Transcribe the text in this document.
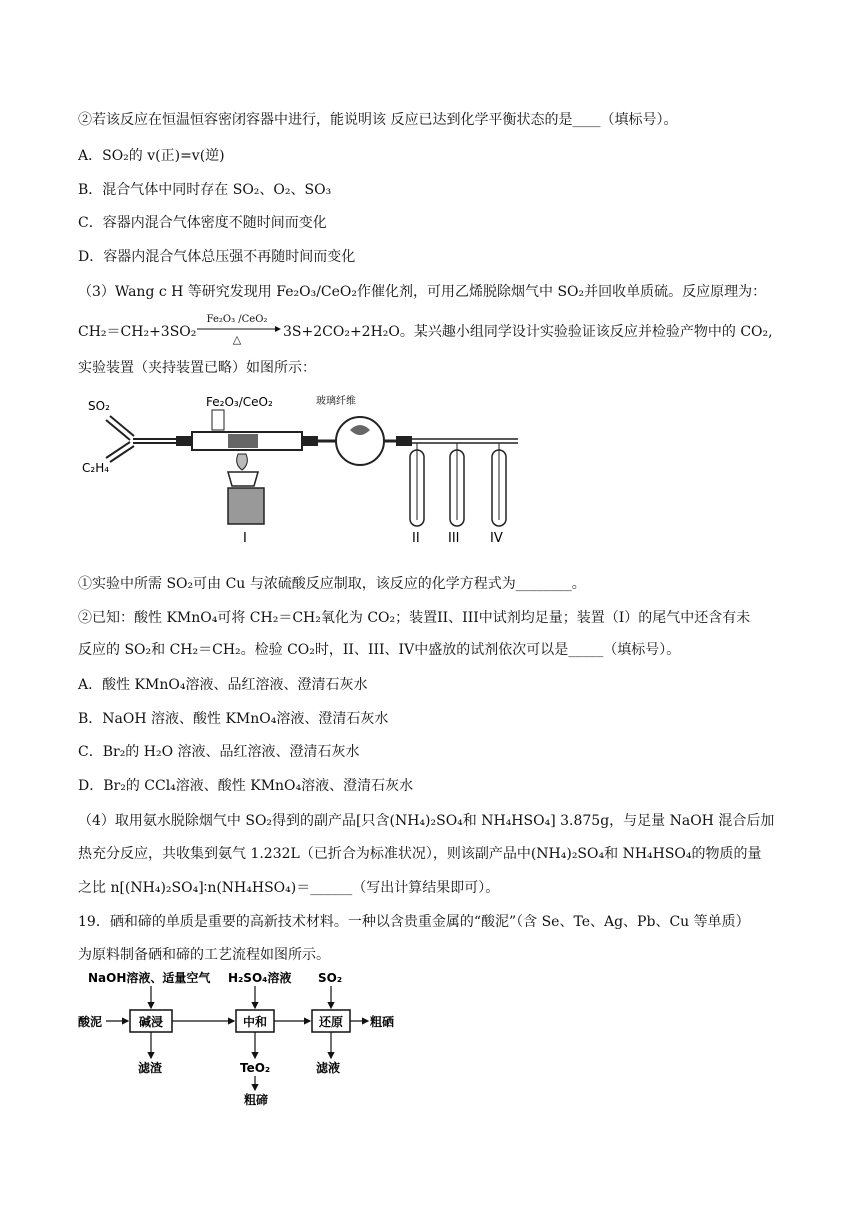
②若该反应在恒温恒容密闭容器中进行，能说明该 反应已达到化学平衡状态的是____（填标号）。
A．SO₂的 v(正)=v(逆)
B．混合气体中同时存在 SO₂、O₂、SO₃
C．容器内混合气体密度不随时间而变化
D．容器内混合气体总压强不再随时间而变化
（3）Wang c H 等研究发现用 Fe₂O₃/CeO₂作催化剂，可用乙烯脱除烟气中 SO₂并回收单质硫。反应原理为：
CH₂＝CH₂+3SO₂
Fe₂O₃ /CeO₂
△	3S+2CO₂+2H₂O。某兴趣小组同学设计实验验证该反应并检验产物中的 CO₂,
实验装置（夹持装置已略）如图所示：
SO₂
C₂H₄
Fe₂O₃/CeO₂
I
玻璃纤维
II III IV
①实验中所需 SO₂可由 Cu 与浓硫酸反应制取，该反应的化学方程式为________。
②已知：酸性 KMnO₄可将 CH₂＝CH₂氧化为 CO₂；装置II、III中试剂均足量；装置（I）的尾气中还含有未
反应的 SO₂和 CH₂＝CH₂。检验 CO₂时，II、III、IV中盛放的试剂依次可以是_____（填标号）。
A．酸性 KMnO₄溶液、品红溶液、澄清石灰水
B．NaOH 溶液、酸性 KMnO₄溶液、澄清石灰水
C．Br₂的 H₂O 溶液、品红溶液、澄清石灰水
D．Br₂的 CCl₄溶液、酸性 KMnO₄溶液、澄清石灰水
（4）取用氨水脱除烟气中 SO₂得到的副产品[只含(NH₄)₂SO₄和 NH₄HSO₄] 3.875g，与足量 NaOH 混合后加
热充分反应，共收集到氨气 1.232L（已折合为标准状况），则该副产品中(NH₄)₂SO₄和 NH₄HSO₄的物质的量
之比 n[(NH₄)₂SO₄]∶n(NH₄HSO₄)＝______（写出计算结果即可）。
19．硒和碲的单质是重要的高新技术材料。一种以含贵重金属的“酸泥”（含 Se、Te、Ag、Pb、Cu 等单质）
为原料制备硒和碲的工艺流程如图所示。
NaOH溶液、适量空气 H₂SO₄溶液 SO₂
酸泥	粗硒
滤渣	TeO₂	滤液
粗碲
碱浸	中和	还原
